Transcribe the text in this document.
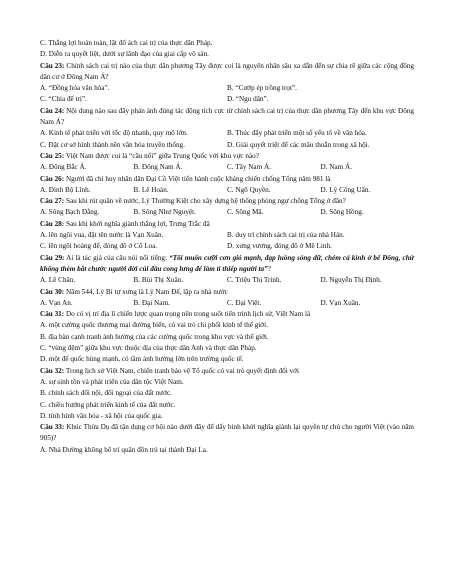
C. Thắng lợi hoàn toàn, lật đổ ách cai trị của thực dân Pháp.
D. Diễn ra quyết liệt, dưới sự lãnh đạo của giai cấp vô sản.
Câu 23: Chính sách cai trị nào của thực dân phương Tây được coi là nguyên nhân sâu xa dẫn đến sự chia rẽ giữa các cộng đồng dân cư ở Đông Nam Á?
A. “Đồng hóa văn hóa”.	B. “Cướp ép trồng trọt”.
C. “Chia để trị”.	D. “Ngu dân”.
Câu 24: Nội dung nào sau đây phản ánh đúng tác động tích cực từ chính sách cai trị của thực dân phương Tây đến khu vực Đông Nam Á?
A. Kinh tế phát triển với tốc độ nhanh, quy mô lớn.	B. Thúc đẩy phát triển một số yếu tố về văn hóa.
C. Đặt cơ sở hình thành nền văn hóa truyền thống.	D. Giải quyết triệt để các mâu thuẫn trong xã hội.
Câu 25: Việt Nam được coi là “cầu nối” giữa Trung Quốc với khu vực nào?
A. Đông Bắc Á.	B. Đông Nam Á.	C. Tây Nam Á.	D. Nam Á.
Câu 26: Người đã chỉ huy nhân dân Đại Cồ Việt tiến hành cuộc kháng chiến chống Tống năm 981 là
A. Đinh Bộ Lĩnh.	B. Lê Hoàn.	C. Ngô Quyền.	D. Lý Công Uẩn.
Câu 27: Sau khi rút quân về nước, Lý Thường Kiệt cho xây dựng hệ thống phòng ngự chống Tống ở đâu?
A. Sông Bạch Đằng.	B. Sông Như Nguyệt.	C. Sông Mã.	D. Sông Hồng.
Câu 28: Sau khi khởi nghĩa giành thắng lợi, Trưng Trắc đã
A. lên ngôi vua, đặt tên nước là Vạn Xuân.	B. duy trì chính sách cai trị của nhà Hán.
C. lên ngôi hoàng đế, đóng đô ở Cổ Loa.	D. xưng vương, đóng đô ở Mê Linh.
Câu 29: Ai là tác giả của câu nói nổi tiếng: “Tôi muốn cưỡi cơn gió mạnh, đạp luồng sóng dữ, chém cá kình ở bể Đông, chứ không thèm bắt chước người đời cúi đầu cong lưng để làm tì thiếp người ta”?
A. Lê Chân.	B. Bùi Thị Xuân.	C. Triệu Thị Trinh.	D. Nguyễn Thị Định.
Câu 30: Năm 544, Lý Bí tự xưng là Lý Nam Đế, lập ra nhà nước
A. Vạn An.	B. Đại Nam.	C. Đại Việt.	D. Vạn Xuân.
Câu 31: Do có vị trí địa lí chiến lược quan trọng nên trong suốt tiến trình lịch sử, Việt Nam là
A. một cường quốc thương mại đường biển, có vai trò chi phối kinh tế thế giới.
B. địa bàn cạnh tranh ảnh hưởng của các cường quốc trong khu vực và thế giới.
C. “vùng đệm” giữa khu vực thuộc địa của thực dân Anh và thực dân Pháp.
D. một đế quốc hùng mạnh, có tầm ảnh hưởng lớn trên trường quốc tế.
Câu 32: Trong lịch sử Việt Nam, chiến tranh bảo vệ Tổ quốc có vai trò quyết định đối với
A. sự sinh tồn và phát triển của dân tộc Việt Nam.
B. chính sách đối nội, đối ngoại của đất nước.
C. chiều hướng phát triển kinh tế của đất nước.
D. tính hình văn hóa - xã hội của quốc gia.
Câu 33: Khúc Thừa Dụ đã tận dụng cơ hội nào dưới đây để dấy binh khởi nghĩa giành lại quyền tự chủ cho người Việt (vào năm 905)?
A. Nhà Đường không bố trí quân đồn trú tại thành Đại La.
